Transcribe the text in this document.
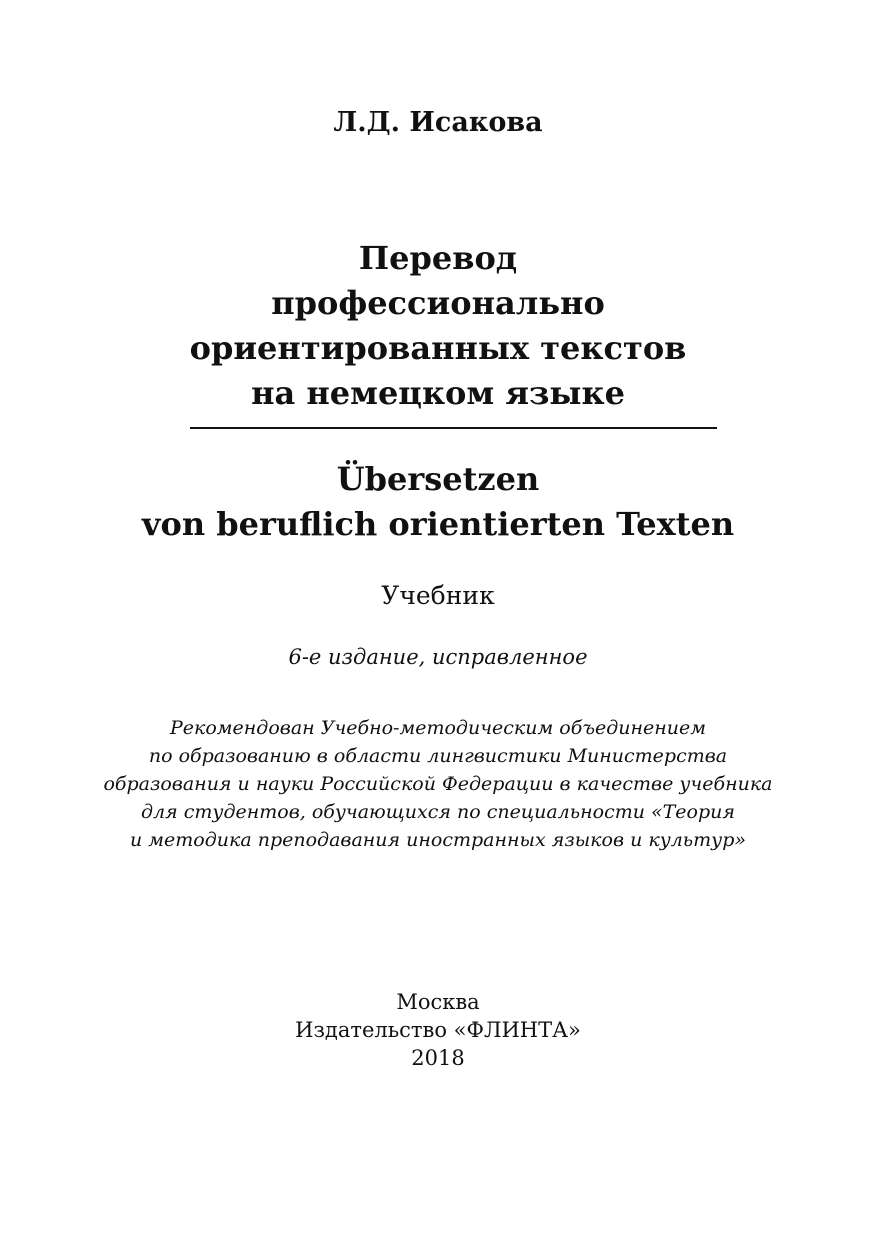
Л.Д. Исакова
Перевод
профессионально
ориентированных текстов
на немецком языке
Übersetzen
von beruflich orientierten Texten
Учебник
6-е издание, исправленное
Рекомендован Учебно-методическим объединением
по образованию в области лингвистики Министерства
образования и науки Российской Федерации в качестве учебника
для студентов, обучающихся по специальности «Теория
и методика преподавания иностранных языков и культур»
Москва
Издательство «ФЛИНТА»
2018
